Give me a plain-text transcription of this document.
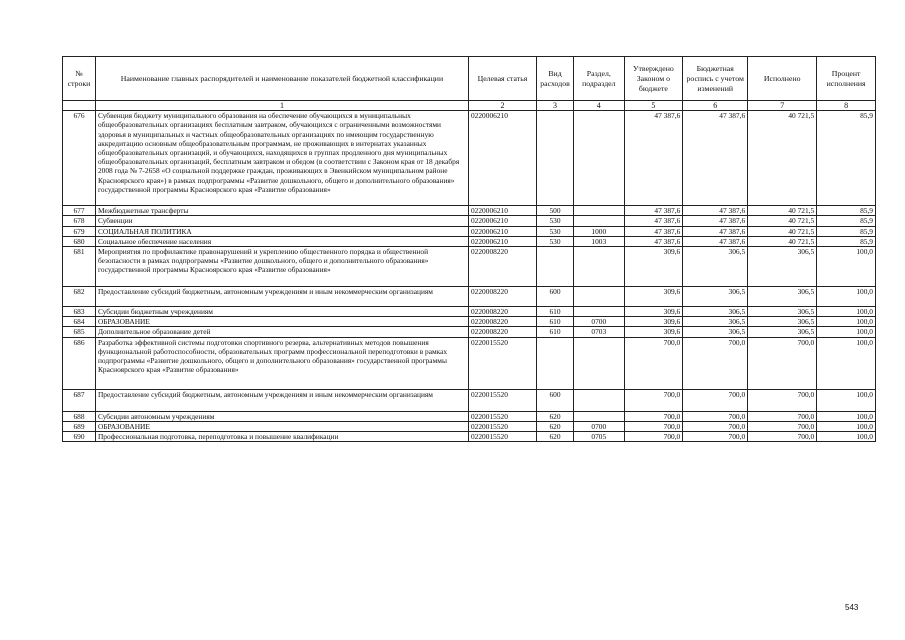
№ строки	Наименование главных распорядителей и наименование показателей бюджетной классификации	Целевая статья	Вид расходов	Раздел, подраздел	Утверждено Законом о бюджете	Бюджетная роспись с учетом изменений	Исполнено	Процент исполнения
	1	2	3	4	5	6	7	8
676	Субвенция бюджету муниципального образования на обеспечение обучающихся в муниципальных общеобразовательных организациях бесплатным завтраком, обучающихся с ограниченными возможностями здоровья в муниципальных и частных общеобразовательных организациях по имеющим государственную аккредитацию основным общеобразовательным программам, не проживающих в интернатах указанных общеобразовательных организаций, и обучающихся, находящихся в группах продленного дня муниципальных общеобразовательных организаций, бесплатным завтраком и обедом (в соответствии с Законом края от 18 декабря 2008 года № 7-2658 «О социальной поддержке граждан, проживающих в Эвенкийском муниципальном районе Красноярского края») в рамках подпрограммы «Развитие дошкольного, общего и дополнительного образования» государственной программы Красноярского края «Развитие образования»	0220006210			47 387,6	47 387,6	40 721,5	85,9
677	Межбюджетные трансферты	0220006210	500		47 387,6	47 387,6	40 721,5	85,9
678	Субвенции	0220006210	530		47 387,6	47 387,6	40 721,5	85,9
679	СОЦИАЛЬНАЯ ПОЛИТИКА	0220006210	530	1000	47 387,6	47 387,6	40 721,5	85,9
680	Социальное обеспечение населения	0220006210	530	1003	47 387,6	47 387,6	40 721,5	85,9
681	Мероприятия по профилактике правонарушений и укреплению общественного порядка и общественной безопасности в рамках подпрограммы «Развитие дошкольного, общего и дополнительного образования» государственной программы Красноярского края «Развитие образования»	0220008220			309,6	306,5	306,5	100,0
682	Предоставление субсидий бюджетным, автономным учреждениям и иным некоммерческим организациям	0220008220	600		309,6	306,5	306,5	100,0
683	Субсидии бюджетным учреждениям	0220008220	610		309,6	306,5	306,5	100,0
684	ОБРАЗОВАНИЕ	0220008220	610	0700	309,6	306,5	306,5	100,0
685	Дополнительное образование детей	0220008220	610	0703	309,6	306,5	306,5	100,0
686	Разработка эффективной системы подготовки спортивного резерва, альтернативных методов повышения функциональной работоспособности, образовательных программ профессиональной переподготовки в рамках подпрограммы «Развитие дошкольного, общего и дополнительного образования» государственной программы Красноярского края «Развитие образования»	0220015520			700,0	700,0	700,0	100,0
687	Предоставление субсидий бюджетным, автономным учреждениям и иным некоммерческим организациям	0220015520	600		700,0	700,0	700,0	100,0
688	Субсидии автономным учреждениям	0220015520	620		700,0	700,0	700,0	100,0
689	ОБРАЗОВАНИЕ	0220015520	620	0700	700,0	700,0	700,0	100,0
690	Профессиональная подготовка, переподготовка и повышение квалификации	0220015520	620	0705	700,0	700,0	700,0	100,0
543
